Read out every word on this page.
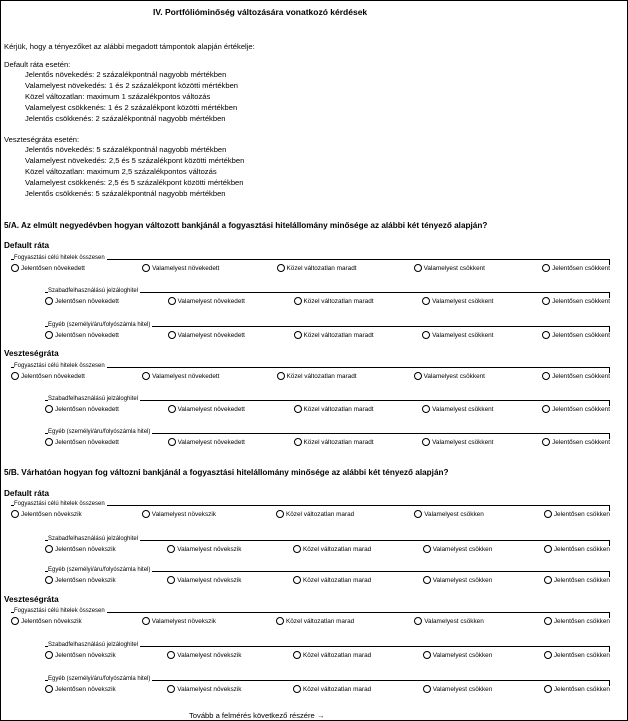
IV. Portfólióminőség változására vonatkozó kérdések
Kérjük, hogy a tényezőket az alábbi megadott támpontok alapján értékelje:
Default ráta esetén:
Jelentős növekedés: 2 százalékpontnál nagyobb mértékben
Valamelyest növekedés: 1 és 2 százalékpont közötti mértékben
Közel változatlan: maximum 1 százalékpontos változás
Valamelyest csökkenés: 1 és 2 százalékpont közötti mértékben
Jelentős csökkenés: 2 százalékpontnál nagyobb mértékben
Veszteségráta esetén:
Jelentős növekedés: 5 százalékpontnál nagyobb mértékben
Valamelyest növekedés: 2,5 és 5 százalékpont közötti mértékben
Közel változatlan: maximum 2,5 százalékpontos változás
Valamelyest csökkenés: 2,5 és 5 százalékpont közötti mértékben
Jelentős csökkenés: 5 százalékpontnál nagyobb mértékben
5/A. Az elmúlt negyedévben hogyan változott bankjánál a fogyasztási hitelállomány minősége az alábbi két tényező alapján?
5/B. Várhatóan hogyan fog változni bankjánál a fogyasztási hitelállomány minősége az alábbi két tényező alapján?
Default ráta
Fogyasztási célú hitelek összesen
Jelentősen növekedett	Valamelyest növekedett	Közel változatlan maradt	Valamelyest csökkent	Jelentősen csökkent
Szabadfelhasználású jelzáloghitel
Jelentősen növekedett	Valamelyest növekedett	Közel változatlan maradt	Valamelyest csökkent	Jelentősen csökkent
Egyéb (személyi/áru/folyószámla hitel)
Jelentősen növekedett	Valamelyest növekedett	Közel változatlan maradt	Valamelyest csökkent	Jelentősen csökkent
Veszteségráta
Fogyasztási célú hitelek összesen
Jelentősen növekedett	Valamelyest növekedett	Közel változatlan maradt	Valamelyest csökkent	Jelentősen csökkent
Szabadfelhasználású jelzáloghitel
Jelentősen növekedett	Valamelyest növekedett	Közel változatlan maradt	Valamelyest csökkent	Jelentősen csökkent
Egyéb (személyi/áru/folyószámla hitel)
Jelentősen növekedett	Valamelyest növekedett	Közel változatlan maradt	Valamelyest csökkent	Jelentősen csökkent
Default ráta
Fogyasztási célú hitelek összesen
Jelentősen növekszik	Valamelyest növekszik	Közel változatlan marad	Valamelyest csökken	Jelentősen csökken
Szabadfelhasználású jelzáloghitel
Jelentősen növekszik	Valamelyest növekszik	Közel változatlan marad	Valamelyest csökken	Jelentősen csökken
Egyéb (személyi/áru/folyószámla hitel)
Jelentősen növekszik	Valamelyest növekszik	Közel változatlan marad	Valamelyest csökken	Jelentősen csökken
Veszteségráta
Fogyasztási célú hitelek összesen
Jelentősen növekszik	Valamelyest növekszik	Közel változatlan marad	Valamelyest csökken	Jelentősen csökken
Szabadfelhasználású jelzáloghitel
Jelentősen növekszik	Valamelyest növekszik	Közel változatlan marad	Valamelyest csökken	Jelentősen csökken
Egyéb (személyi/áru/folyószámla hitel)
Jelentősen növekszik	Valamelyest növekszik	Közel változatlan marad	Valamelyest csökken	Jelentősen csökken
Tovább a felmérés következő részére →
